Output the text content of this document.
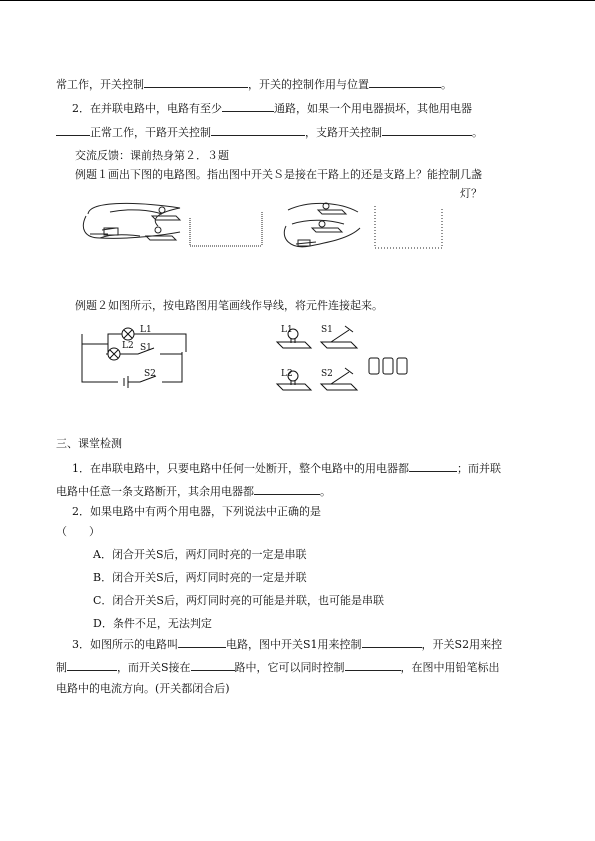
常工作，开关控制	，开关的控制作用与位置	。
2．在并联电路中，电路有至少	通路，如果一个用电器损坏，其他用电器
正常工作，干路开关控制	，支路开关控制	。
交流反馈：课前热身第２．３题
例题１画出下图的电路图。指出图中开关Ｓ是接在干路上的还是支路上？能控制几盏
灯？
例题２如图所示，按电路图用笔画线作导线，将元件连接起来。
L1
L2 S1
S2
L1	S1
L2	S2
三、课堂检测
1．在串联电路中，只要电路中任何一处断开，整个电路中的用电器都	；而并联
电路中任意一条支路断开，其余用电器都	。
2．如果电路中有两个用电器，下列说法中正确的是
（　　）
A．闭合开关S后，两灯同时亮的一定是串联
B．闭合开关S后，两灯同时亮的一定是并联
C．闭合开关S后，两灯同时亮的可能是并联，也可能是串联
D．条件不足，无法判定
3．如图所示的电路叫	电路，图中开关S1用来控制	，开关S2用来控
制	，而开关S接在	路中，它可以同时控制	，在图中用铅笔标出
电路中的电流方向。(开关都闭合后)
